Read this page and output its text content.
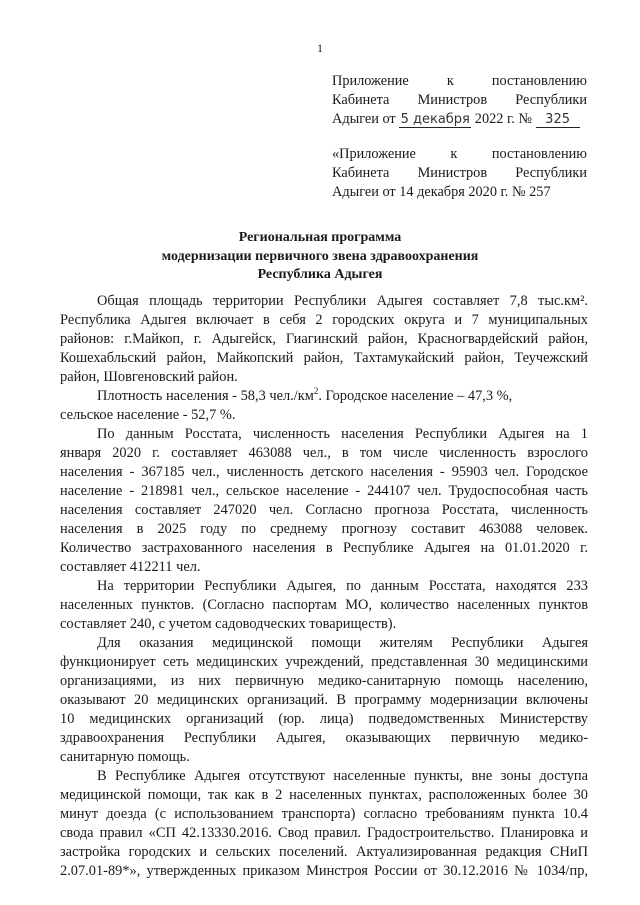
1
Приложение к постановлению
Кабинета Министров Республики
Адыгеи от 5 декабря 2022 г. № 325
«Приложение к постановлению
Кабинета Министров Республики
Адыгеи от 14 декабря 2020 г. № 257
Региональная программа
модернизации первичного звена здравоохранения
Республика Адыгея

Общая площадь территории Республики Адыгея составляет 7,8 тыс.км².

Республика Адыгея включает в себя 2 городских округа и 7 муниципальных

районов: г.Майкоп, г. Адыгейск, Гиагинский район, Красногвардейский район,

Кошехабльский район, Майкопский район, Тахтамукайский район, Теучежский

район, Шовгеновский район.

Плотность населения - 58,3 $чел./км^2$. Городское население – 47,3 %,

сельское население - 52,7 %.

По данным Росстата, численность населения Республики Адыгея на 1

января 2020 г. составляет 463088 чел., в том числе численность взрослого

населения - 367185 чел., численность детского населения - 95903 чел. Городское

население - 218981 чел., сельское население - 244107 чел. Трудоспособная часть

населения составляет 247020 чел. Согласно прогноза Росстата, численность

населения в 2025 году по среднему прогнозу составит 463088 человек.

Количество застрахованного населения в Республике Адыгея на 01.01.2020 г.

составляет 412211 чел.

На территории Республики Адыгея, по данным Росстата, находятся 233

населенных пунктов. (Согласно паспортам МО, количество населенных пунктов

составляет 240, с учетом садоводческих товариществ).

Для оказания медицинской помощи жителям Республики Адыгея

функционирует сеть медицинских учреждений, представленная 30 медицинскими

организациями, из них первичную медико-санитарную помощь населению,

оказывают 20 медицинских организаций. В программу модернизации включены

10 медицинских организаций (юр. лица) подведомственных Министерству

здравоохранения Республики Адыгея, оказывающих первичную медико-

санитарную помощь.

В Республике Адыгея отсутствуют населенные пункты, вне зоны доступа

медицинской помощи, так как в 2 населенных пунктах, расположенных более 30

минут доезда (с использованием транспорта) согласно требованиям пункта 10.4

свода правил «СП 42.13330.2016. Свод правил. Градостроительство. Планировка и

застройка городских и сельских поселений. Актуализированная редакция СНиП

2.07.01-89*», утвержденных приказом Минстроя России от 30.12.2016 № 1034/пр,
